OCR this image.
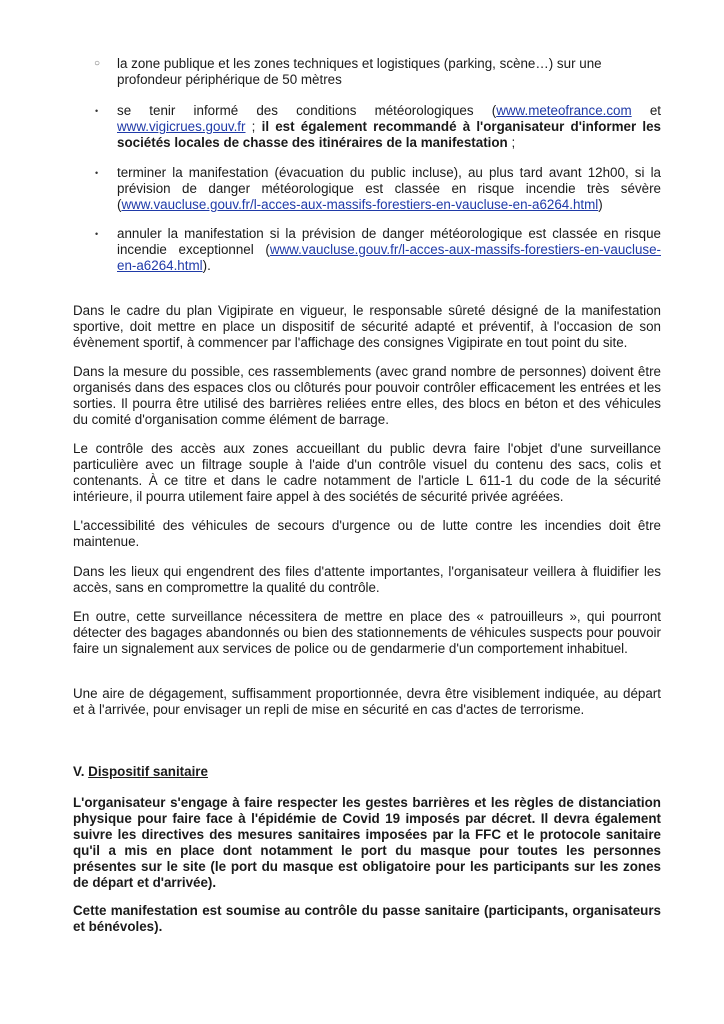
○ la zone publique et les zones techniques et logistiques (parking, scène…) sur une profondeur périphérique de 50 mètres
• se tenir informé des conditions météorologiques (www.meteofrance.com et www.vigicrues.gouv.fr ; il est également recommandé à l'organisateur d'informer les sociétés locales de chasse des itinéraires de la manifestation ;
• terminer la manifestation (évacuation du public incluse), au plus tard avant 12h00, si la prévision de danger météorologique est classée en risque incendie très sévère (www.vaucluse.gouv.fr/l-acces-aux-massifs-forestiers-en-vaucluse-en-a6264.html)
• annuler la manifestation si la prévision de danger météorologique est classée en risque incendie exceptionnel (www.vaucluse.gouv.fr/l-acces-aux-massifs-forestiers-en-vaucluse-en-a6264.html).
Dans le cadre du plan Vigipirate en vigueur, le responsable sûreté désigné de la manifestation sportive, doit mettre en place un dispositif de sécurité adapté et préventif, à l'occasion de son évènement sportif, à commencer par l'affichage des consignes Vigipirate en tout point du site.
Dans la mesure du possible, ces rassemblements (avec grand nombre de personnes) doivent être organisés dans des espaces clos ou clôturés pour pouvoir contrôler efficacement les entrées et les sorties. Il pourra être utilisé des barrières reliées entre elles, des blocs en béton et des véhicules du comité d'organisation comme élément de barrage.
Le contrôle des accès aux zones accueillant du public devra faire l'objet d'une surveillance particulière avec un filtrage souple à l'aide d'un contrôle visuel du contenu des sacs, colis et contenants. À ce titre et dans le cadre notamment de l'article L 611-1 du code de la sécurité intérieure, il pourra utilement faire appel à des sociétés de sécurité privée agréées.
L'accessibilité des véhicules de secours d'urgence ou de lutte contre les incendies doit être maintenue.
Dans les lieux qui engendrent des files d'attente importantes, l'organisateur veillera à fluidifier les accès, sans en compromettre la qualité du contrôle.
En outre, cette surveillance nécessitera de mettre en place des « patrouilleurs », qui pourront détecter des bagages abandonnés ou bien des stationnements de véhicules suspects pour pouvoir faire un signalement aux services de police ou de gendarmerie d'un comportement inhabituel.
Une aire de dégagement, suffisamment proportionnée, devra être visiblement indiquée, au départ et à l'arrivée, pour envisager un repli de mise en sécurité en cas d'actes de terrorisme.
V. Dispositif sanitaire
L'organisateur s'engage à faire respecter les gestes barrières et les règles de distanciation physique pour faire face à l'épidémie de Covid 19 imposés par décret. Il devra également suivre les directives des mesures sanitaires imposées par la FFC et le protocole sanitaire qu'il a mis en place dont notamment le port du masque pour toutes les personnes présentes sur le site (le port du masque est obligatoire pour les participants sur les zones de départ et d'arrivée).
Cette manifestation est soumise au contrôle du passe sanitaire (participants, organisateurs et bénévoles).
